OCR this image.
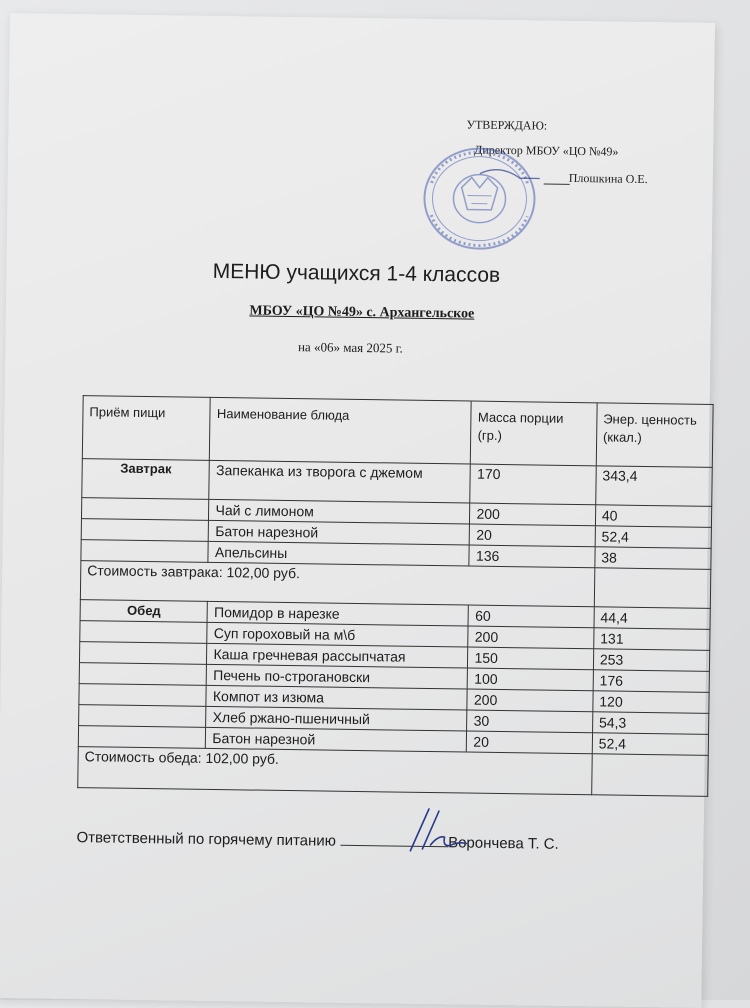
УТВЕРЖДАЮ:
Директор МБОУ «ЦО №49»
Плошкина О.Е.
МЕНЮ учащихся 1-4 классов
МБОУ «ЦО №49» с. Архангельское
на «06» мая 2025 г.
Приём пищи	Наименование блюда	Масса порции (гр.)	Энер. ценность (ккал.)
Завтрак	Запеканка из творога с джемом	170	343,4
	Чай с лимоном	200	40
	Батон нарезной	20	52,4
	Апельсины	136	38
Стоимость завтрака: 102,00 руб.			
Обед	Помидор в нарезке	60	44,4
	Суп гороховый на м\б	200	131
	Каша гречневая рассыпчатая	150	253
	Печень по-строгановски	100	176
	Компот из изюма	200	120
	Хлеб ржано-пшеничный	30	54,3
	Батон нарезной	20	52,4
Стоимость обеда: 102,00 руб.			
Ответственный по горячему питанию	Ворончева Т. С.
